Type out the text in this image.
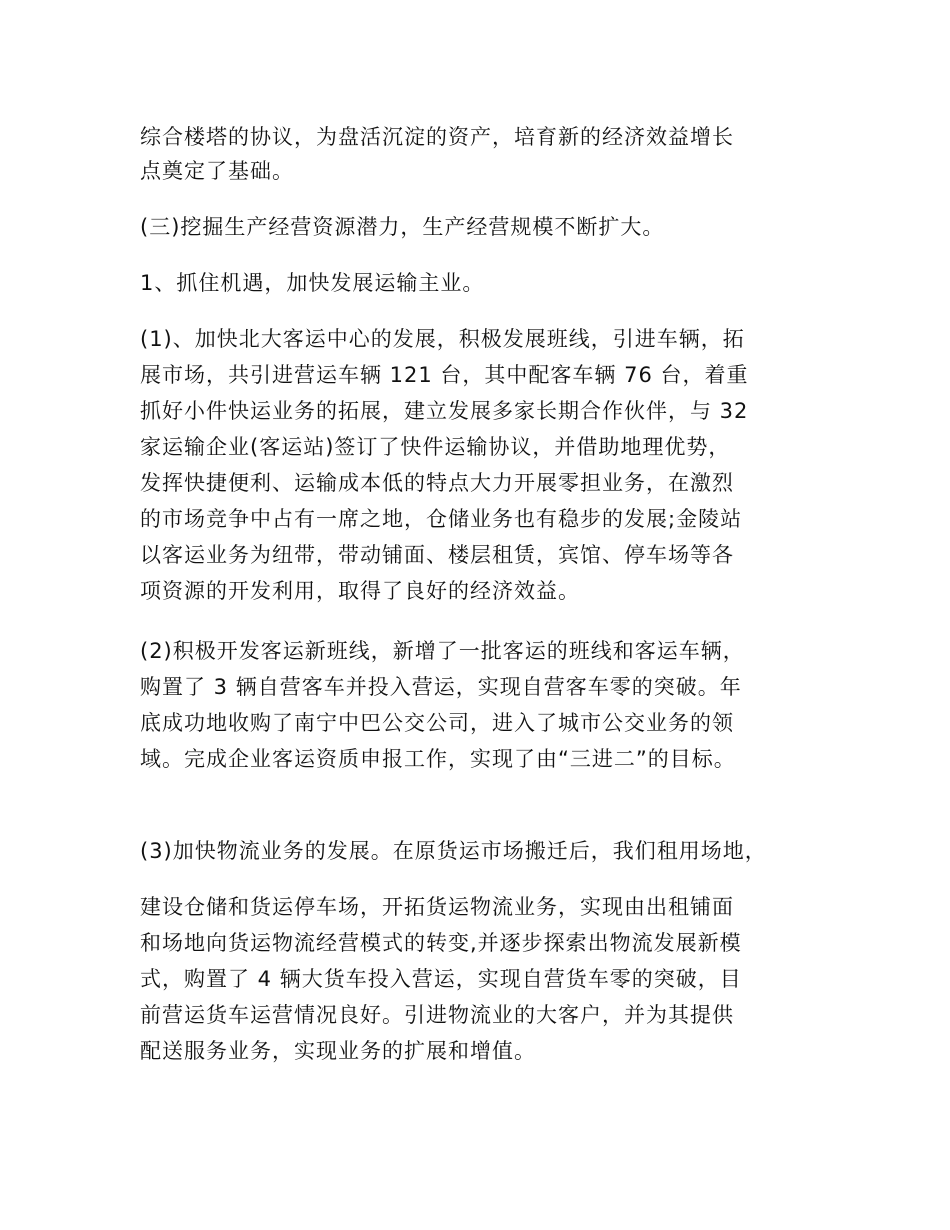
综合楼塔的协议，为盘活沉淀的资产，培育新的经济效益增长
点奠定了基础。
(三)挖掘生产经营资源潜力，生产经营规模不断扩大。
1、抓住机遇，加快发展运输主业。
(1)、加快北大客运中心的发展，积极发展班线，引进车辆，拓
展市场，共引进营运车辆 121 台，其中配客车辆 76 台，着重
抓好小件快运业务的拓展，建立发展多家长期合作伙伴，与 32
家运输企业(客运站)签订了快件运输协议，并借助地理优势，
发挥快捷便利、运输成本低的特点大力开展零担业务，在激烈
的市场竞争中占有一席之地，仓储业务也有稳步的发展;金陵站
以客运业务为纽带，带动铺面、楼层租赁，宾馆、停车场等各
项资源的开发利用，取得了良好的经济效益。
(2)积极开发客运新班线，新增了一批客运的班线和客运车辆，
购置了 3 辆自营客车并投入营运，实现自营客车零的突破。年
底成功地收购了南宁中巴公交公司，进入了城市公交业务的领
域。完成企业客运资质申报工作，实现了由“三进二”的目标。
(3)加快物流业务的发展。在原货运市场搬迁后，我们租用场地，
建设仓储和货运停车场，开拓货运物流业务，实现由出租铺面
和场地向货运物流经营模式的转变,并逐步探索出物流发展新模
式，购置了 4 辆大货车投入营运，实现自营货车零的突破，目
前营运货车运营情况良好。引进物流业的大客户，并为其提供
配送服务业务，实现业务的扩展和增值。
